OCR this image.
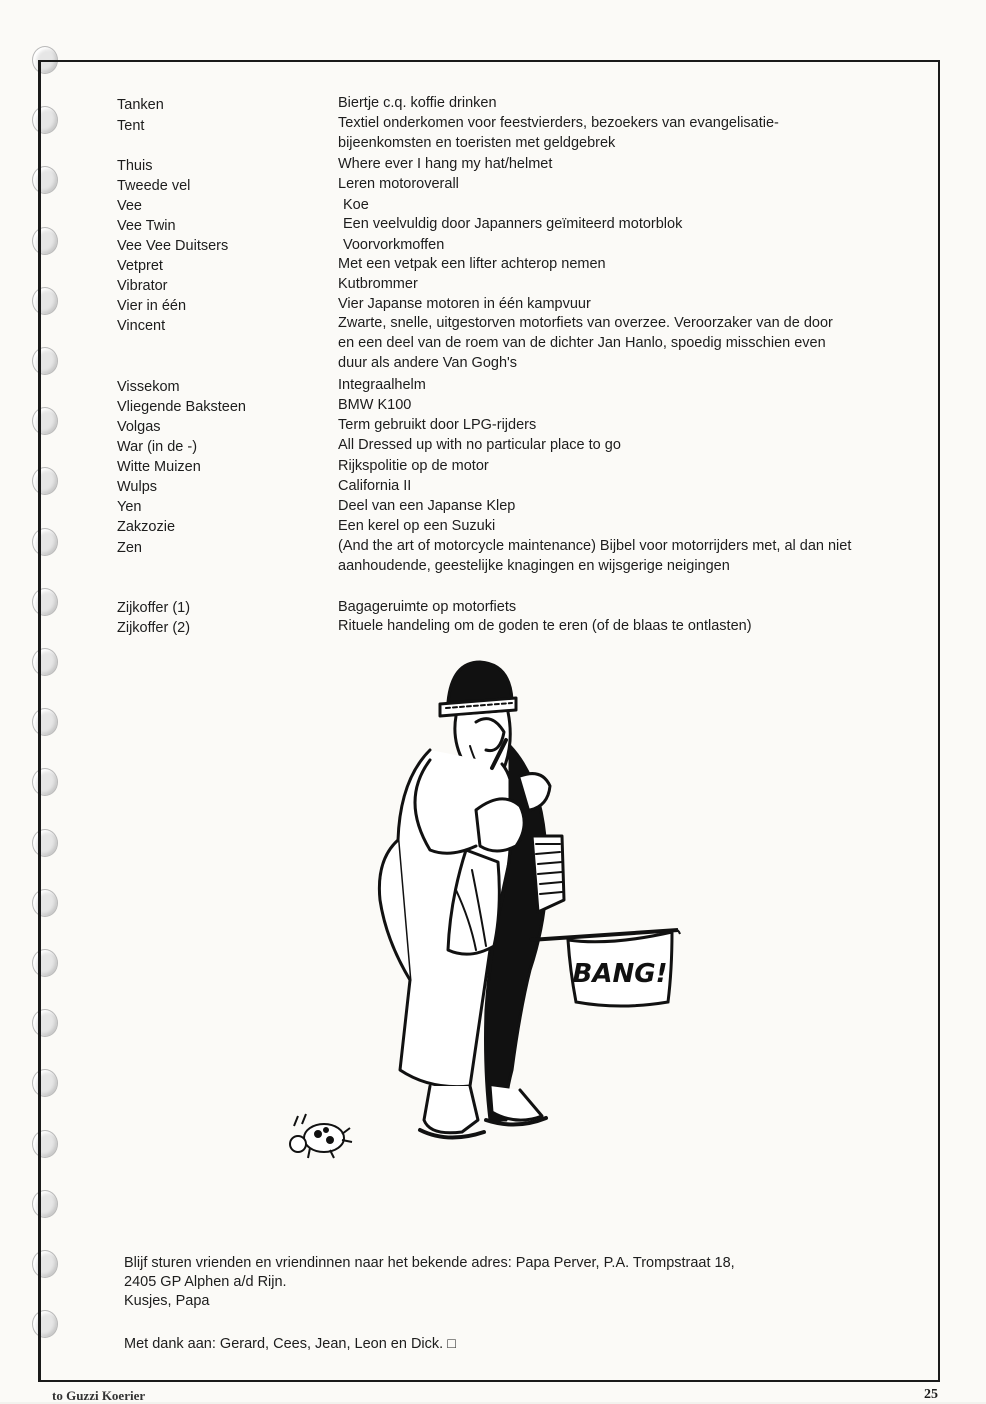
Tanken	Biertje c.q. koffie drinken
Tent	Textiel onderkomen voor feestvierders, bezoekers van evangelisatie-bijeenkomsten en toeristen met geldgebrek
Thuis	Where ever I hang my hat/helmet
Tweede vel	Leren motoroverall
Vee	Koe
Vee Twin	Een veelvuldig door Japanners geïmiteerd motorblok
Vee Vee Duitsers	Voorvorkmoffen
Vetpret	Met een vetpak een lifter achterop nemen
Vibrator	Kutbrommer
Vier in één	Vier Japanse motoren in één kampvuur
Vincent	Zwarte, snelle, uitgestorven motorfiets van overzee. Veroorzaker van de door en een deel van de roem van de dichter Jan Hanlo, spoedig misschien even duur als andere Van Gogh's
Vissekom	Integraalhelm
Vliegende Baksteen	BMW K100
Volgas	Term gebruikt door LPG-rijders
War (in de -)	All Dressed up with no particular place to go
Witte Muizen	Rijkspolitie op de motor
Wulps	California II
Yen	Deel van een Japanse Klep
Zakzozie	Een kerel op een Suzuki
Zen	(And the art of motorcycle maintenance) Bijbel voor motorrijders met, al dan niet aanhoudende, geestelijke knagingen en wijsgerige neigingen
Zijkoffer (1)	Bagageruimte op motorfiets
Zijkoffer (2)	Rituele handeling om de goden te eren (of de blaas te ontlasten)
BANG!

Blijf sturen vrienden en vriendinnen naar het bekende adres: Papa Perver, P.A. Trompstraat 18,

2405 GP Alphen a/d Rijn.

Kusjes, Papa

Met dank aan: Gerard, Cees, Jean, Leon en Dick. □
to Guzzi Koerier	25
